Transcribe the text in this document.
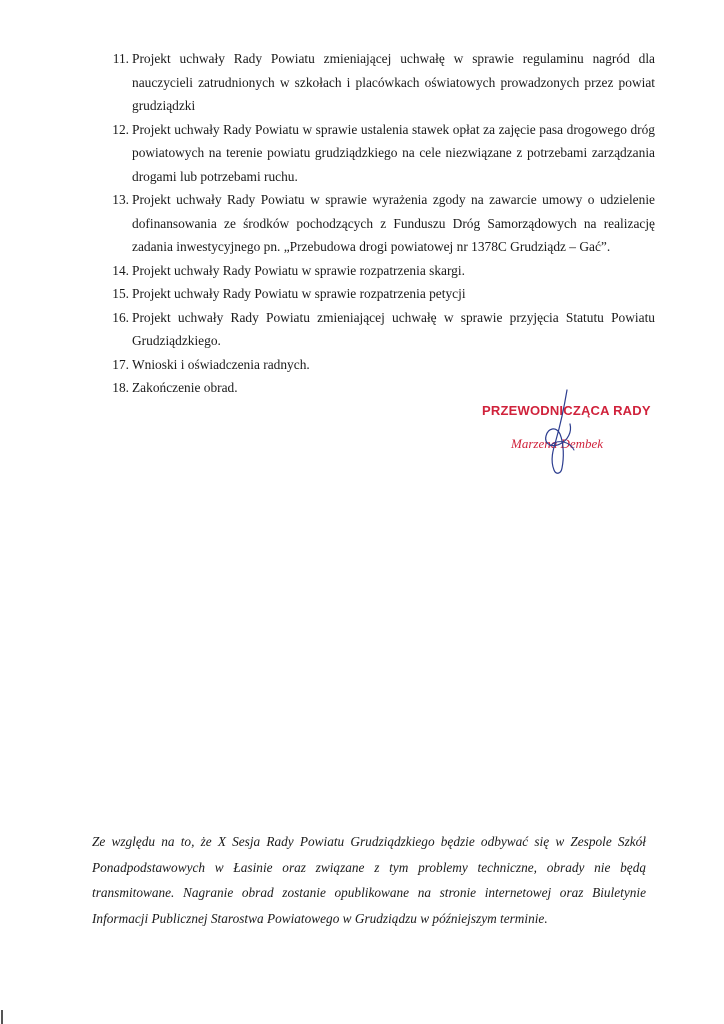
11. Projekt uchwały Rady Powiatu zmieniającej uchwałę w sprawie regulaminu nagród dla nauczycieli zatrudnionych w szkołach i placówkach oświatowych prowadzonych przez powiat grudziądzki
12. Projekt uchwały Rady Powiatu w sprawie ustalenia stawek opłat za zajęcie pasa drogowego dróg powiatowych na terenie powiatu grudziądzkiego na cele niezwiązane z potrzebami zarządzania drogami lub potrzebami ruchu.
13. Projekt uchwały Rady Powiatu w sprawie wyrażenia zgody na zawarcie umowy o udzielenie dofinansowania ze środków pochodzących z Funduszu Dróg Samorządowych na realizację zadania inwestycyjnego pn. „Przebudowa drogi powiatowej nr 1378C Grudziądz – Gać”.
14. Projekt uchwały Rady Powiatu w sprawie rozpatrzenia skargi.
15. Projekt uchwały Rady Powiatu w sprawie rozpatrzenia petycji
16. Projekt uchwały Rady Powiatu zmieniającej uchwałę w sprawie przyjęcia Statutu Powiatu Grudziądzkiego.
17. Wnioski i oświadczenia radnych.
18. Zakończenie obrad.
PRZEWODNICZĄCA RADY
Marzena Dembek

Ze względu na to, że X Sesja Rady Powiatu Grudziądzkiego będzie odbywać się w Zespole Szkół Ponadpodstawowych w Łasinie oraz związane z tym problemy techniczne, obrady nie będą transmitowane. Nagranie obrad zostanie opublikowane na stronie internetowej oraz Biuletynie Informacji Publicznej Starostwa Powiatowego w Grudziądzu w późniejszym terminie.
